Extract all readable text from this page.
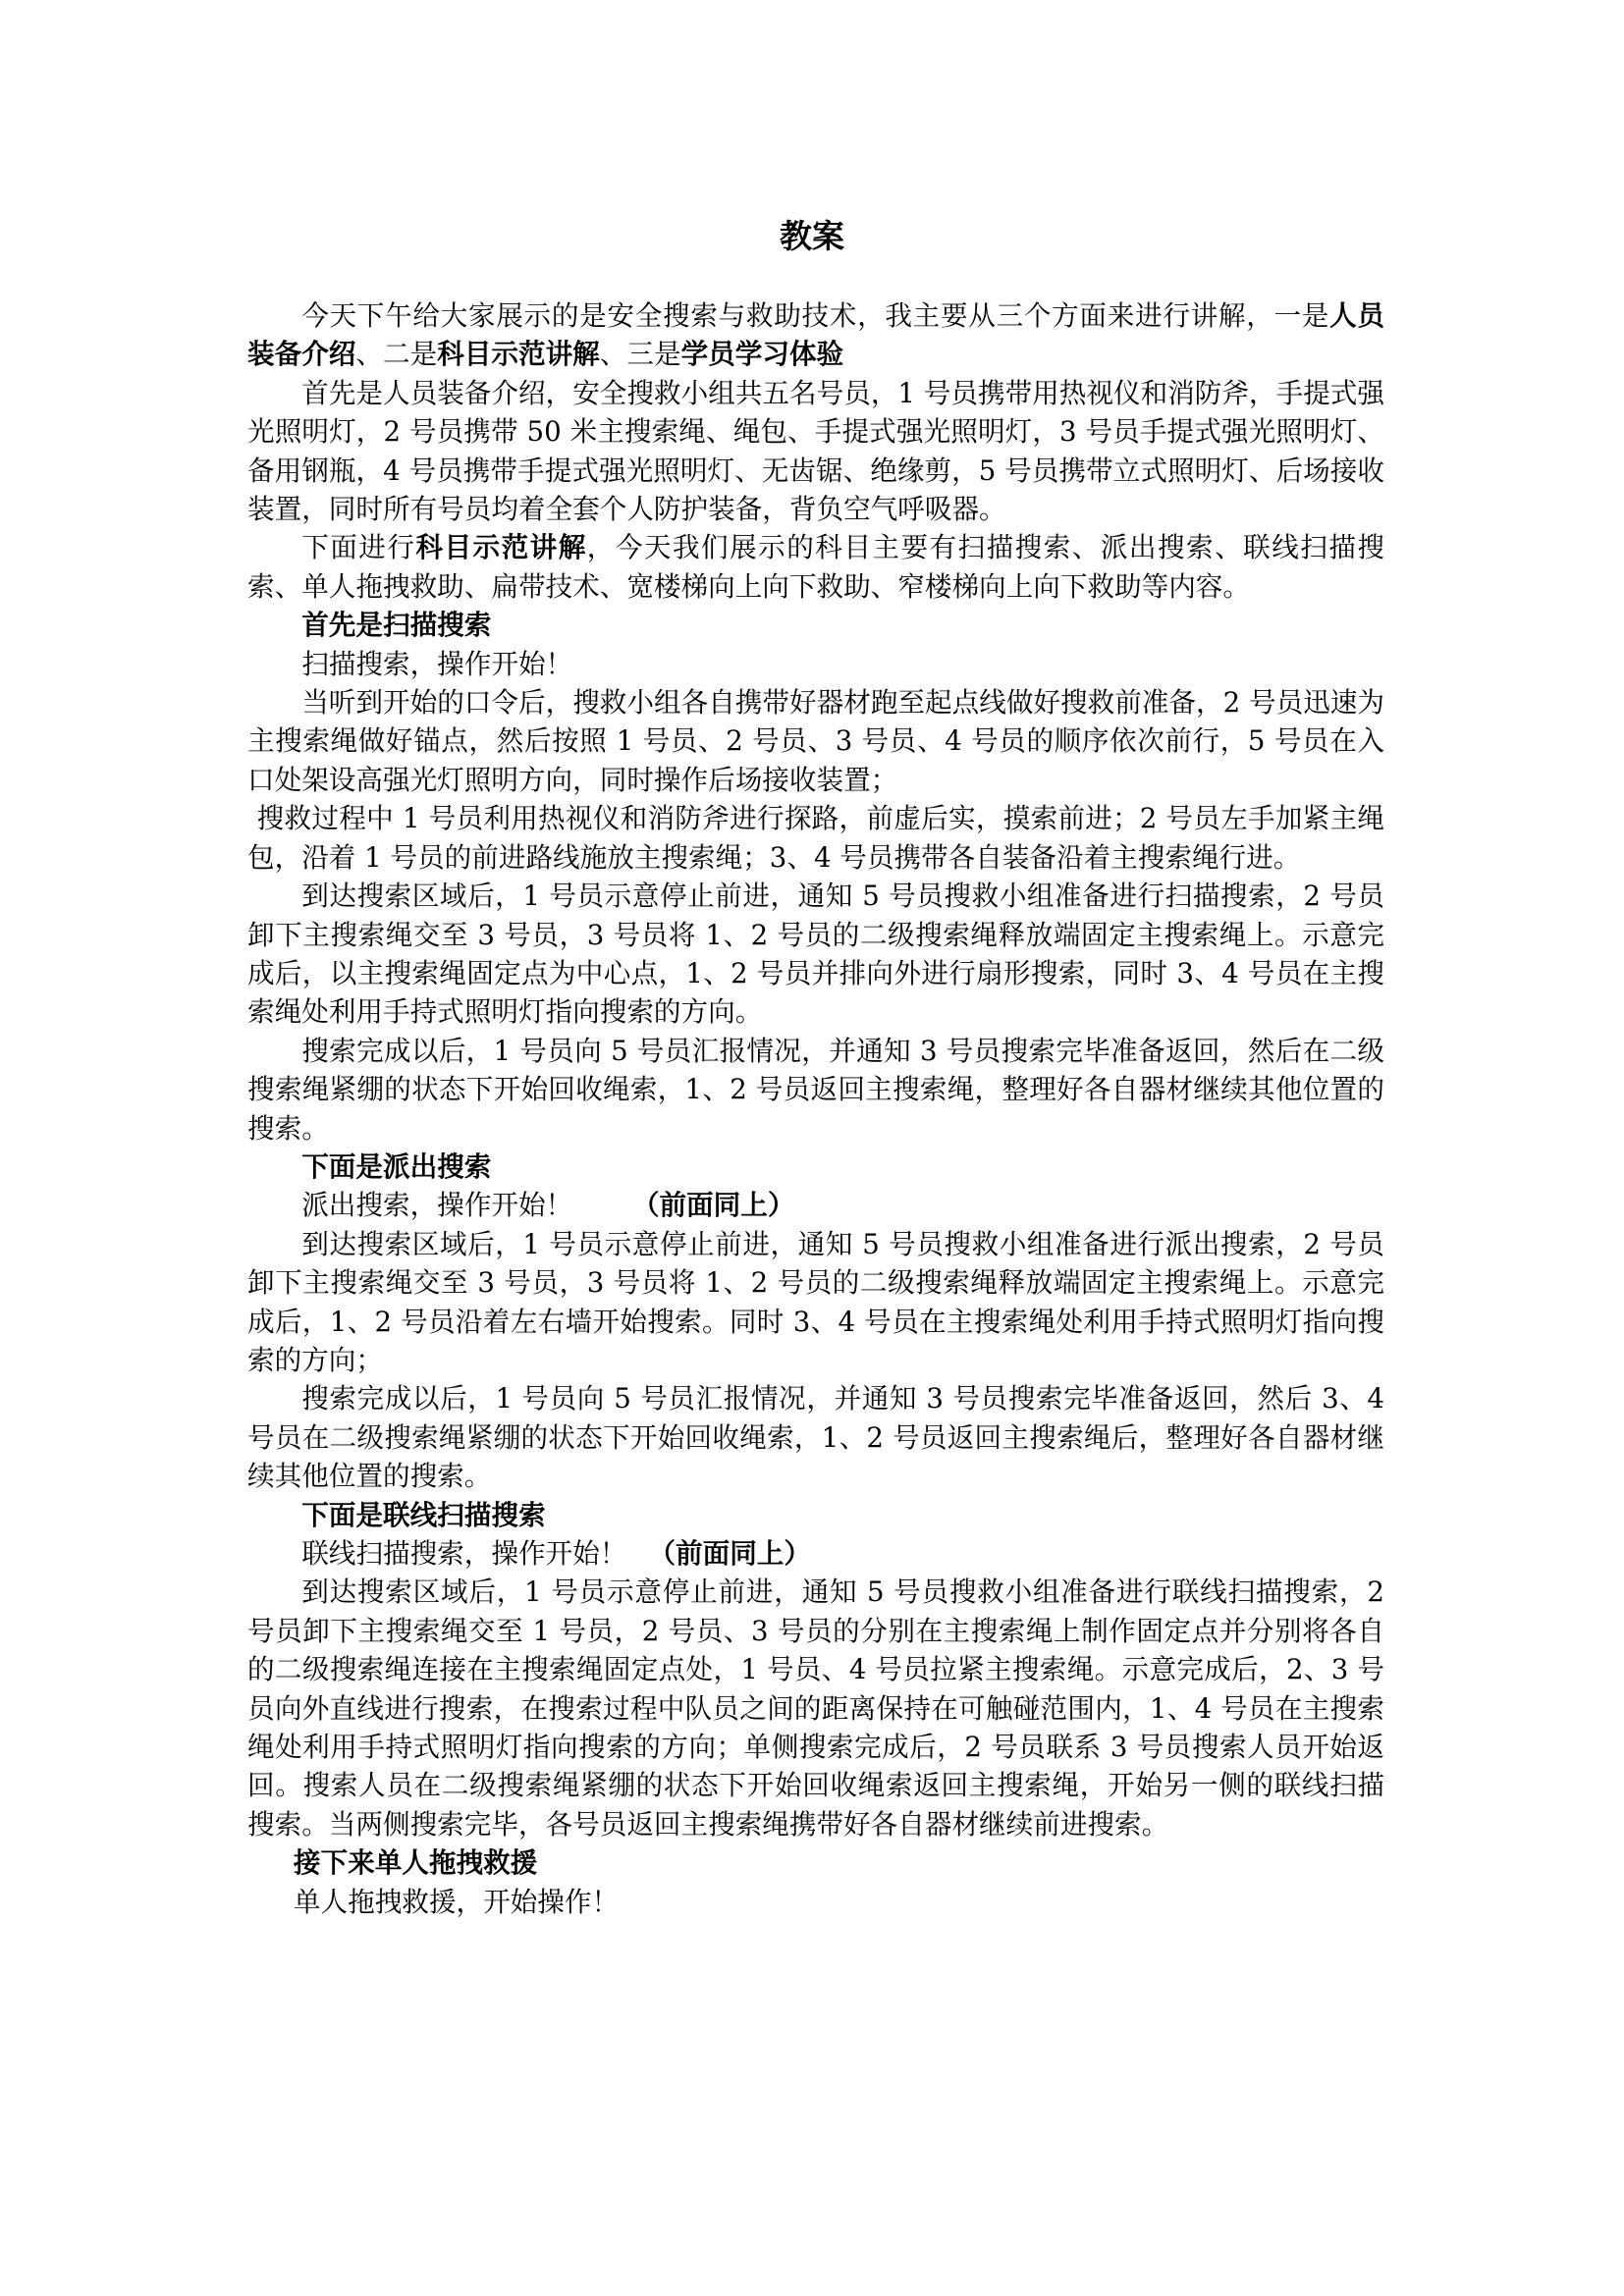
教案

今天下午给大家展示的是安全搜索与救助技术，我主要从三个方面来进行讲解，一是人员装备介绍、二是科目示范讲解、三是学员学习体验

首先是人员装备介绍，安全搜救小组共五名号员，1 号员携带用热视仪和消防斧，手提式强光照明灯，2 号员携带 50 米主搜索绳、绳包、手提式强光照明灯，3 号员手提式强光照明灯、备用钢瓶，4 号员携带手提式强光照明灯、无齿锯、绝缘剪，5 号员携带立式照明灯、后场接收装置，同时所有号员均着全套个人防护装备，背负空气呼吸器。

下面进行科目示范讲解，今天我们展示的科目主要有扫描搜索、派出搜索、联线扫描搜索、单人拖拽救助、扁带技术、宽楼梯向上向下救助、窄楼梯向上向下救助等内容。

首先是扫描搜索

扫描搜索，操作开始！

当听到开始的口令后，搜救小组各自携带好器材跑至起点线做好搜救前准备，2 号员迅速为主搜索绳做好锚点，然后按照 1 号员、2 号员、3 号员、4 号员的顺序依次前行，5 号员在入口处架设高强光灯照明方向，同时操作后场接收装置；

搜救过程中 1 号员利用热视仪和消防斧进行探路，前虚后实，摸索前进；2 号员左手加紧主绳包，沿着 1 号员的前进路线施放主搜索绳；3、4 号员携带各自装备沿着主搜索绳行进。

到达搜索区域后，1 号员示意停止前进，通知 5 号员搜救小组准备进行扫描搜索，2 号员卸下主搜索绳交至 3 号员，3 号员将 1、2 号员的二级搜索绳释放端固定主搜索绳上。示意完成后，以主搜索绳固定点为中心点，1、2 号员并排向外进行扇形搜索，同时 3、4 号员在主搜索绳处利用手持式照明灯指向搜索的方向。

搜索完成以后，1 号员向 5 号员汇报情况，并通知 3 号员搜索完毕准备返回，然后在二级搜索绳紧绷的状态下开始回收绳索，1、2 号员返回主搜索绳，整理好各自器材继续其他位置的搜索。

下面是派出搜索

派出搜索，操作开始！ （前面同上）

到达搜索区域后，1 号员示意停止前进，通知 5 号员搜救小组准备进行派出搜索，2 号员卸下主搜索绳交至 3 号员，3 号员将 1、2 号员的二级搜索绳释放端固定主搜索绳上。示意完成后，1、2 号员沿着左右墙开始搜索。同时 3、4 号员在主搜索绳处利用手持式照明灯指向搜索的方向；

搜索完成以后，1 号员向 5 号员汇报情况，并通知 3 号员搜索完毕准备返回，然后 3、4 号员在二级搜索绳紧绷的状态下开始回收绳索，1、2 号员返回主搜索绳后，整理好各自器材继续其他位置的搜索。

下面是联线扫描搜索

联线扫描搜索，操作开始！ （前面同上）

到达搜索区域后，1 号员示意停止前进，通知 5 号员搜救小组准备进行联线扫描搜索，2 号员卸下主搜索绳交至 1 号员，2 号员、3 号员的分别在主搜索绳上制作固定点并分别将各自的二级搜索绳连接在主搜索绳固定点处，1 号员、4 号员拉紧主搜索绳。示意完成后，2、3 号员向外直线进行搜索，在搜索过程中队员之间的距离保持在可触碰范围内，1、4 号员在主搜索绳处利用手持式照明灯指向搜索的方向；单侧搜索完成后，2 号员联系 3 号员搜索人员开始返回。搜索人员在二级搜索绳紧绷的状态下开始回收绳索返回主搜索绳，开始另一侧的联线扫描搜索。当两侧搜索完毕，各号员返回主搜索绳携带好各自器材继续前进搜索。

接下来单人拖拽救援

单人拖拽救援，开始操作！
